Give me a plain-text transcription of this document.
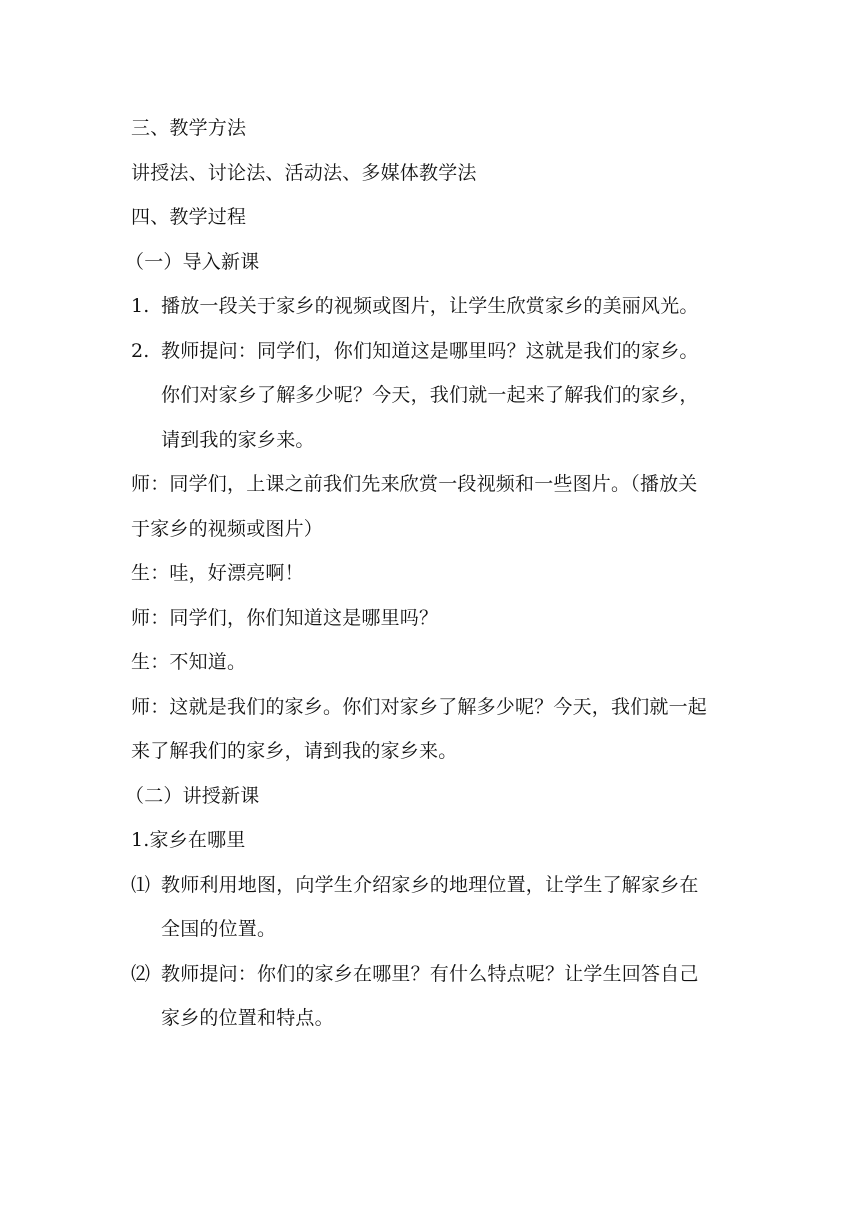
三、教学方法
讲授法、讨论法、活动法、多媒体教学法
四、教学过程
（一）导入新课
1. 播放一段关于家乡的视频或图片，让学生欣赏家乡的美丽风光。
2. 教师提问：同学们，你们知道这是哪里吗？这就是我们的家乡。
你们对家乡了解多少呢？今天，我们就一起来了解我们的家乡，
请到我的家乡来。
师：同学们，上课之前我们先来欣赏一段视频和一些图片。（播放关
于家乡的视频或图片）
生：哇，好漂亮啊！
师：同学们，你们知道这是哪里吗？
生：不知道。
师：这就是我们的家乡。你们对家乡了解多少呢？今天，我们就一起
来了解我们的家乡，请到我的家乡来。
（二）讲授新课
1.家乡在哪里
⑴ 教师利用地图，向学生介绍家乡的地理位置，让学生了解家乡在
全国的位置。
⑵ 教师提问：你们的家乡在哪里？有什么特点呢？让学生回答自己
家乡的位置和特点。
